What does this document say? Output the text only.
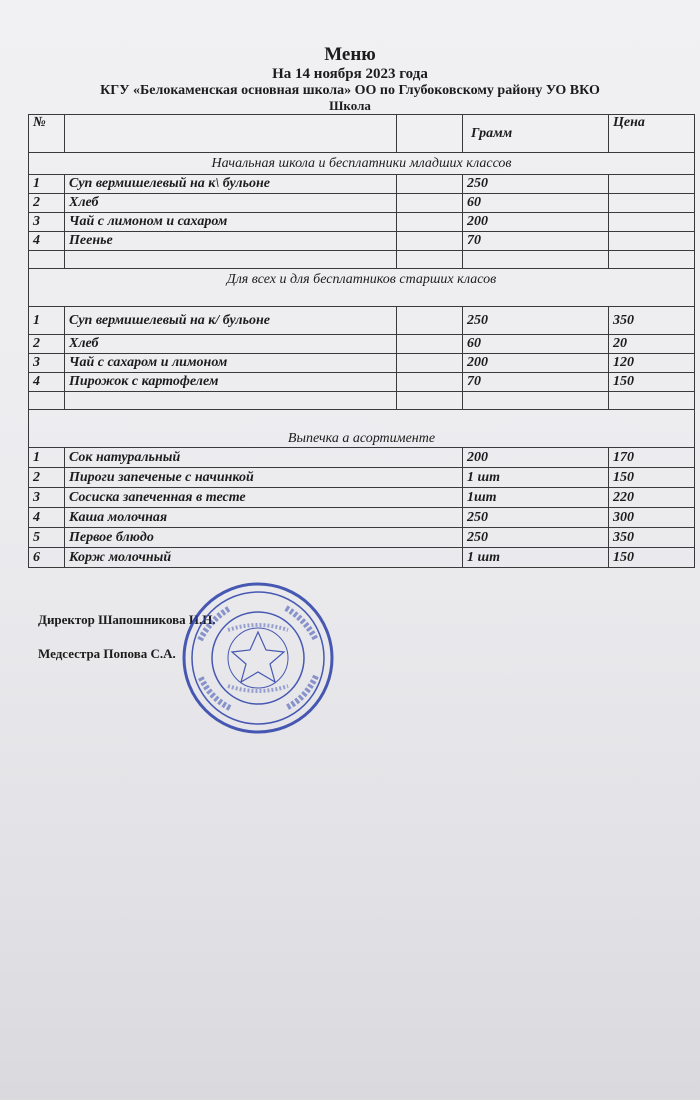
Меню
На 14 ноября 2023 года
КГУ «Белокаменская основная школа» ОО по Глубоковскому району УО ВКО
Школа
№			Грамм	Цена
Начальная школа и бесплатники младших классов				
1	Суп вермишелевый на к\ бульоне		250	
2	Хлеб		60	
3	Чай с лимоном и сахаром		200	
4	Пеенье		70	

Для всех и для бесплатников старших класов				
1	Суп вермишелевый на к/ бульоне		250	350
2	Хлеб		60	20
3	Чай с сахаром и лимоном		200	120
4	Пирожок с картофелем		70	150

Выпечка а асортименте				
1	Сок натуральный		200	170
2	Пироги запеченые с начинкой		1 шт	150
3	Сосиска запеченная в тесте		1шт	220
4	Каша молочная		250	300
5	Первое блюдо		250	350
6	Корж молочный		1 шт	150
Директор Шапошникова И.Н.
Медсестра Попова С.А.
